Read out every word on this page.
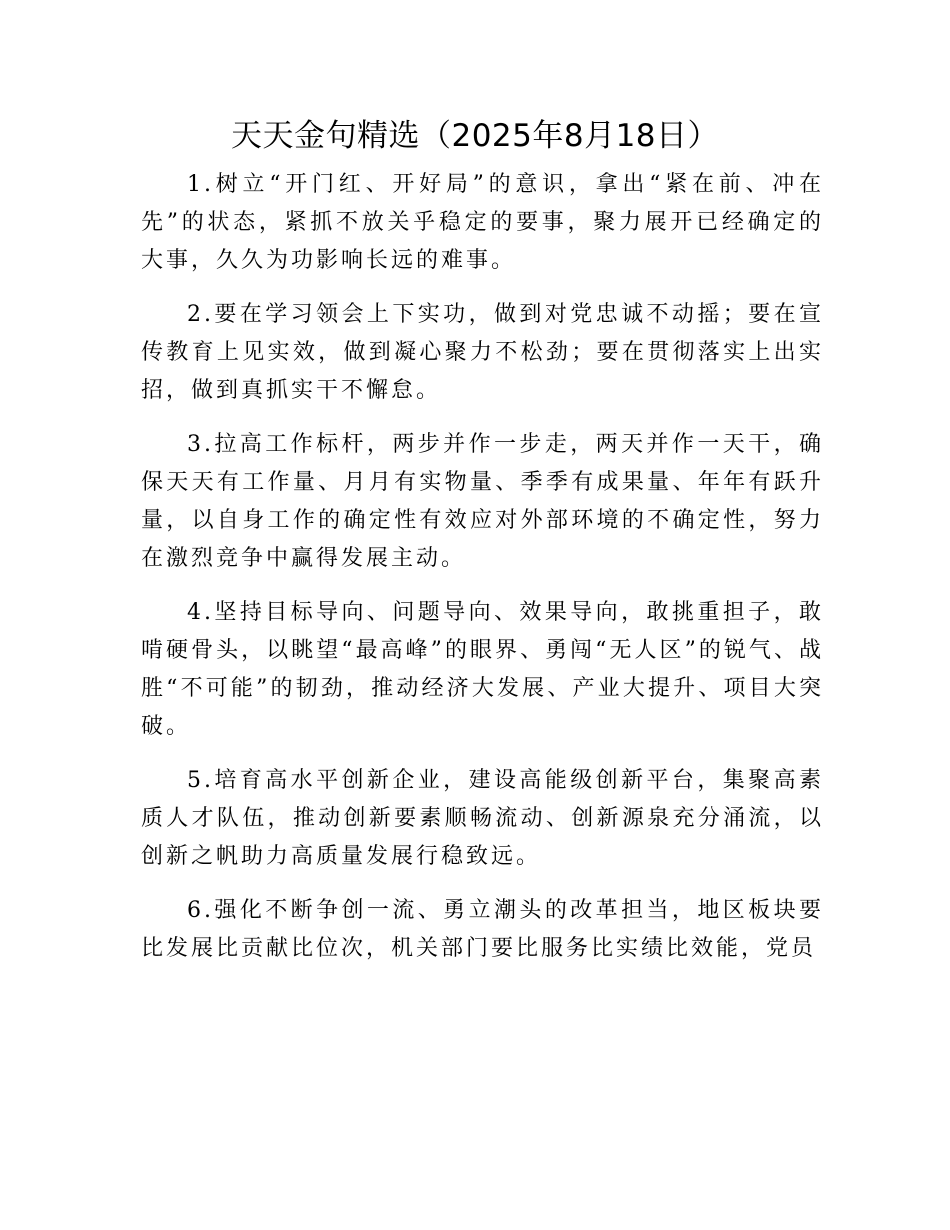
天天金句精选（2025年8月18日）

1.树立“开门红、开好局”的意识，拿出“紧在前、冲在先”的状态，紧抓不放关乎稳定的要事，聚力展开已经确定的大事，久久为功影响长远的难事。

2.要在学习领会上下实功，做到对党忠诚不动摇；要在宣传教育上见实效，做到凝心聚力不松劲；要在贯彻落实上出实招，做到真抓实干不懈怠。

3.拉高工作标杆，两步并作一步走，两天并作一天干，确保天天有工作量、月月有实物量、季季有成果量、年年有跃升量，以自身工作的确定性有效应对外部环境的不确定性，努力在激烈竞争中赢得发展主动。

4.坚持目标导向、问题导向、效果导向，敢挑重担子，敢啃硬骨头，以眺望“最高峰”的眼界、勇闯“无人区”的锐气、战胜“不可能”的韧劲，推动经济大发展、产业大提升、项目大突破。

5.培育高水平创新企业，建设高能级创新平台，集聚高素质人才队伍，推动创新要素顺畅流动、创新源泉充分涌流，以创新之帆助力高质量发展行稳致远。

6.强化不断争创一流、勇立潮头的改革担当，地区板块要比发展比贡献比位次，机关部门要比服务比实绩比效能，党员
